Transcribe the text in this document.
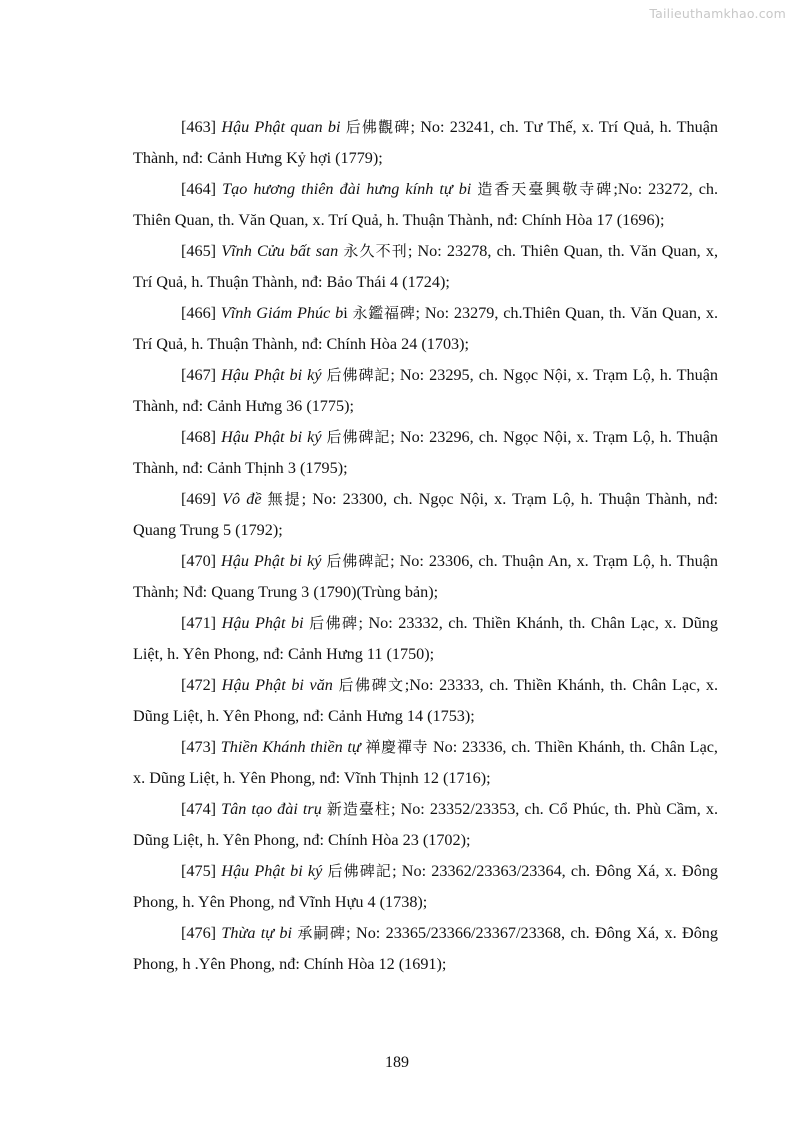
Tailieuthamkhao.com

[463] Hậu Phật quan bi 后佛觀碑; No: 23241, ch. Tư Thế, x. Trí Quả, h. Thuận Thành, nđ: Cảnh Hưng Kỷ hợi (1779);

[464] Tạo hương thiên đài hưng kính tự bi 造香天臺興敬寺碑;No: 23272, ch. Thiên Quan, th. Văn Quan, x. Trí Quả, h. Thuận Thành, nđ: Chính Hòa 17 (1696);

[465] Vĩnh Cửu bất san 永久不刊; No: 23278, ch. Thiên Quan, th. Văn Quan, x, Trí Quả, h. Thuận Thành, nđ: Bảo Thái 4 (1724);

[466] Vĩnh Giám Phúc bi 永鑑福碑; No: 23279, ch.Thiên Quan, th. Văn Quan, x. Trí Quả, h. Thuận Thành, nđ: Chính Hòa 24 (1703);

[467] Hậu Phật bi ký 后佛碑記; No: 23295, ch. Ngọc Nội, x. Trạm Lộ, h. Thuận Thành, nđ: Cảnh Hưng 36 (1775);

[468] Hậu Phật bi ký 后佛碑記; No: 23296, ch. Ngọc Nội, x. Trạm Lộ, h. Thuận Thành, nđ: Cảnh Thịnh 3 (1795);

[469] Vô đề 無提; No: 23300, ch. Ngọc Nội, x. Trạm Lộ, h. Thuận Thành, nđ: Quang Trung 5 (1792);

[470] Hậu Phật bi ký 后佛碑記; No: 23306, ch. Thuận An, x. Trạm Lộ, h. Thuận Thành; Nđ: Quang Trung 3 (1790)(Trùng bản);

[471] Hậu Phật bi 后佛碑; No: 23332, ch. Thiền Khánh, th. Chân Lạc, x. Dũng Liệt, h. Yên Phong, nđ: Cảnh Hưng 11 (1750);

[472] Hậu Phật bi văn 后佛碑文;No: 23333, ch. Thiền Khánh, th. Chân Lạc, x. Dũng Liệt, h. Yên Phong, nđ: Cảnh Hưng 14 (1753);

[473] Thiền Khánh thiền tự 禅慶禪寺 No: 23336, ch. Thiền Khánh, th. Chân Lạc, x. Dũng Liệt, h. Yên Phong, nđ: Vĩnh Thịnh 12 (1716);

[474] Tân tạo đài trụ 新造臺柱; No: 23352/23353, ch. Cổ Phúc, th. Phù Cầm, x. Dũng Liệt, h. Yên Phong, nđ: Chính Hòa 23 (1702);

[475] Hậu Phật bi ký 后佛碑記; No: 23362/23363/23364, ch. Đông Xá, x. Đông Phong, h. Yên Phong, nđ Vĩnh Hựu 4 (1738);

[476] Thừa tự bi 承嗣碑; No: 23365/23366/23367/23368, ch. Đông Xá, x. Đông Phong, h .Yên Phong, nđ: Chính Hòa 12 (1691);

189
